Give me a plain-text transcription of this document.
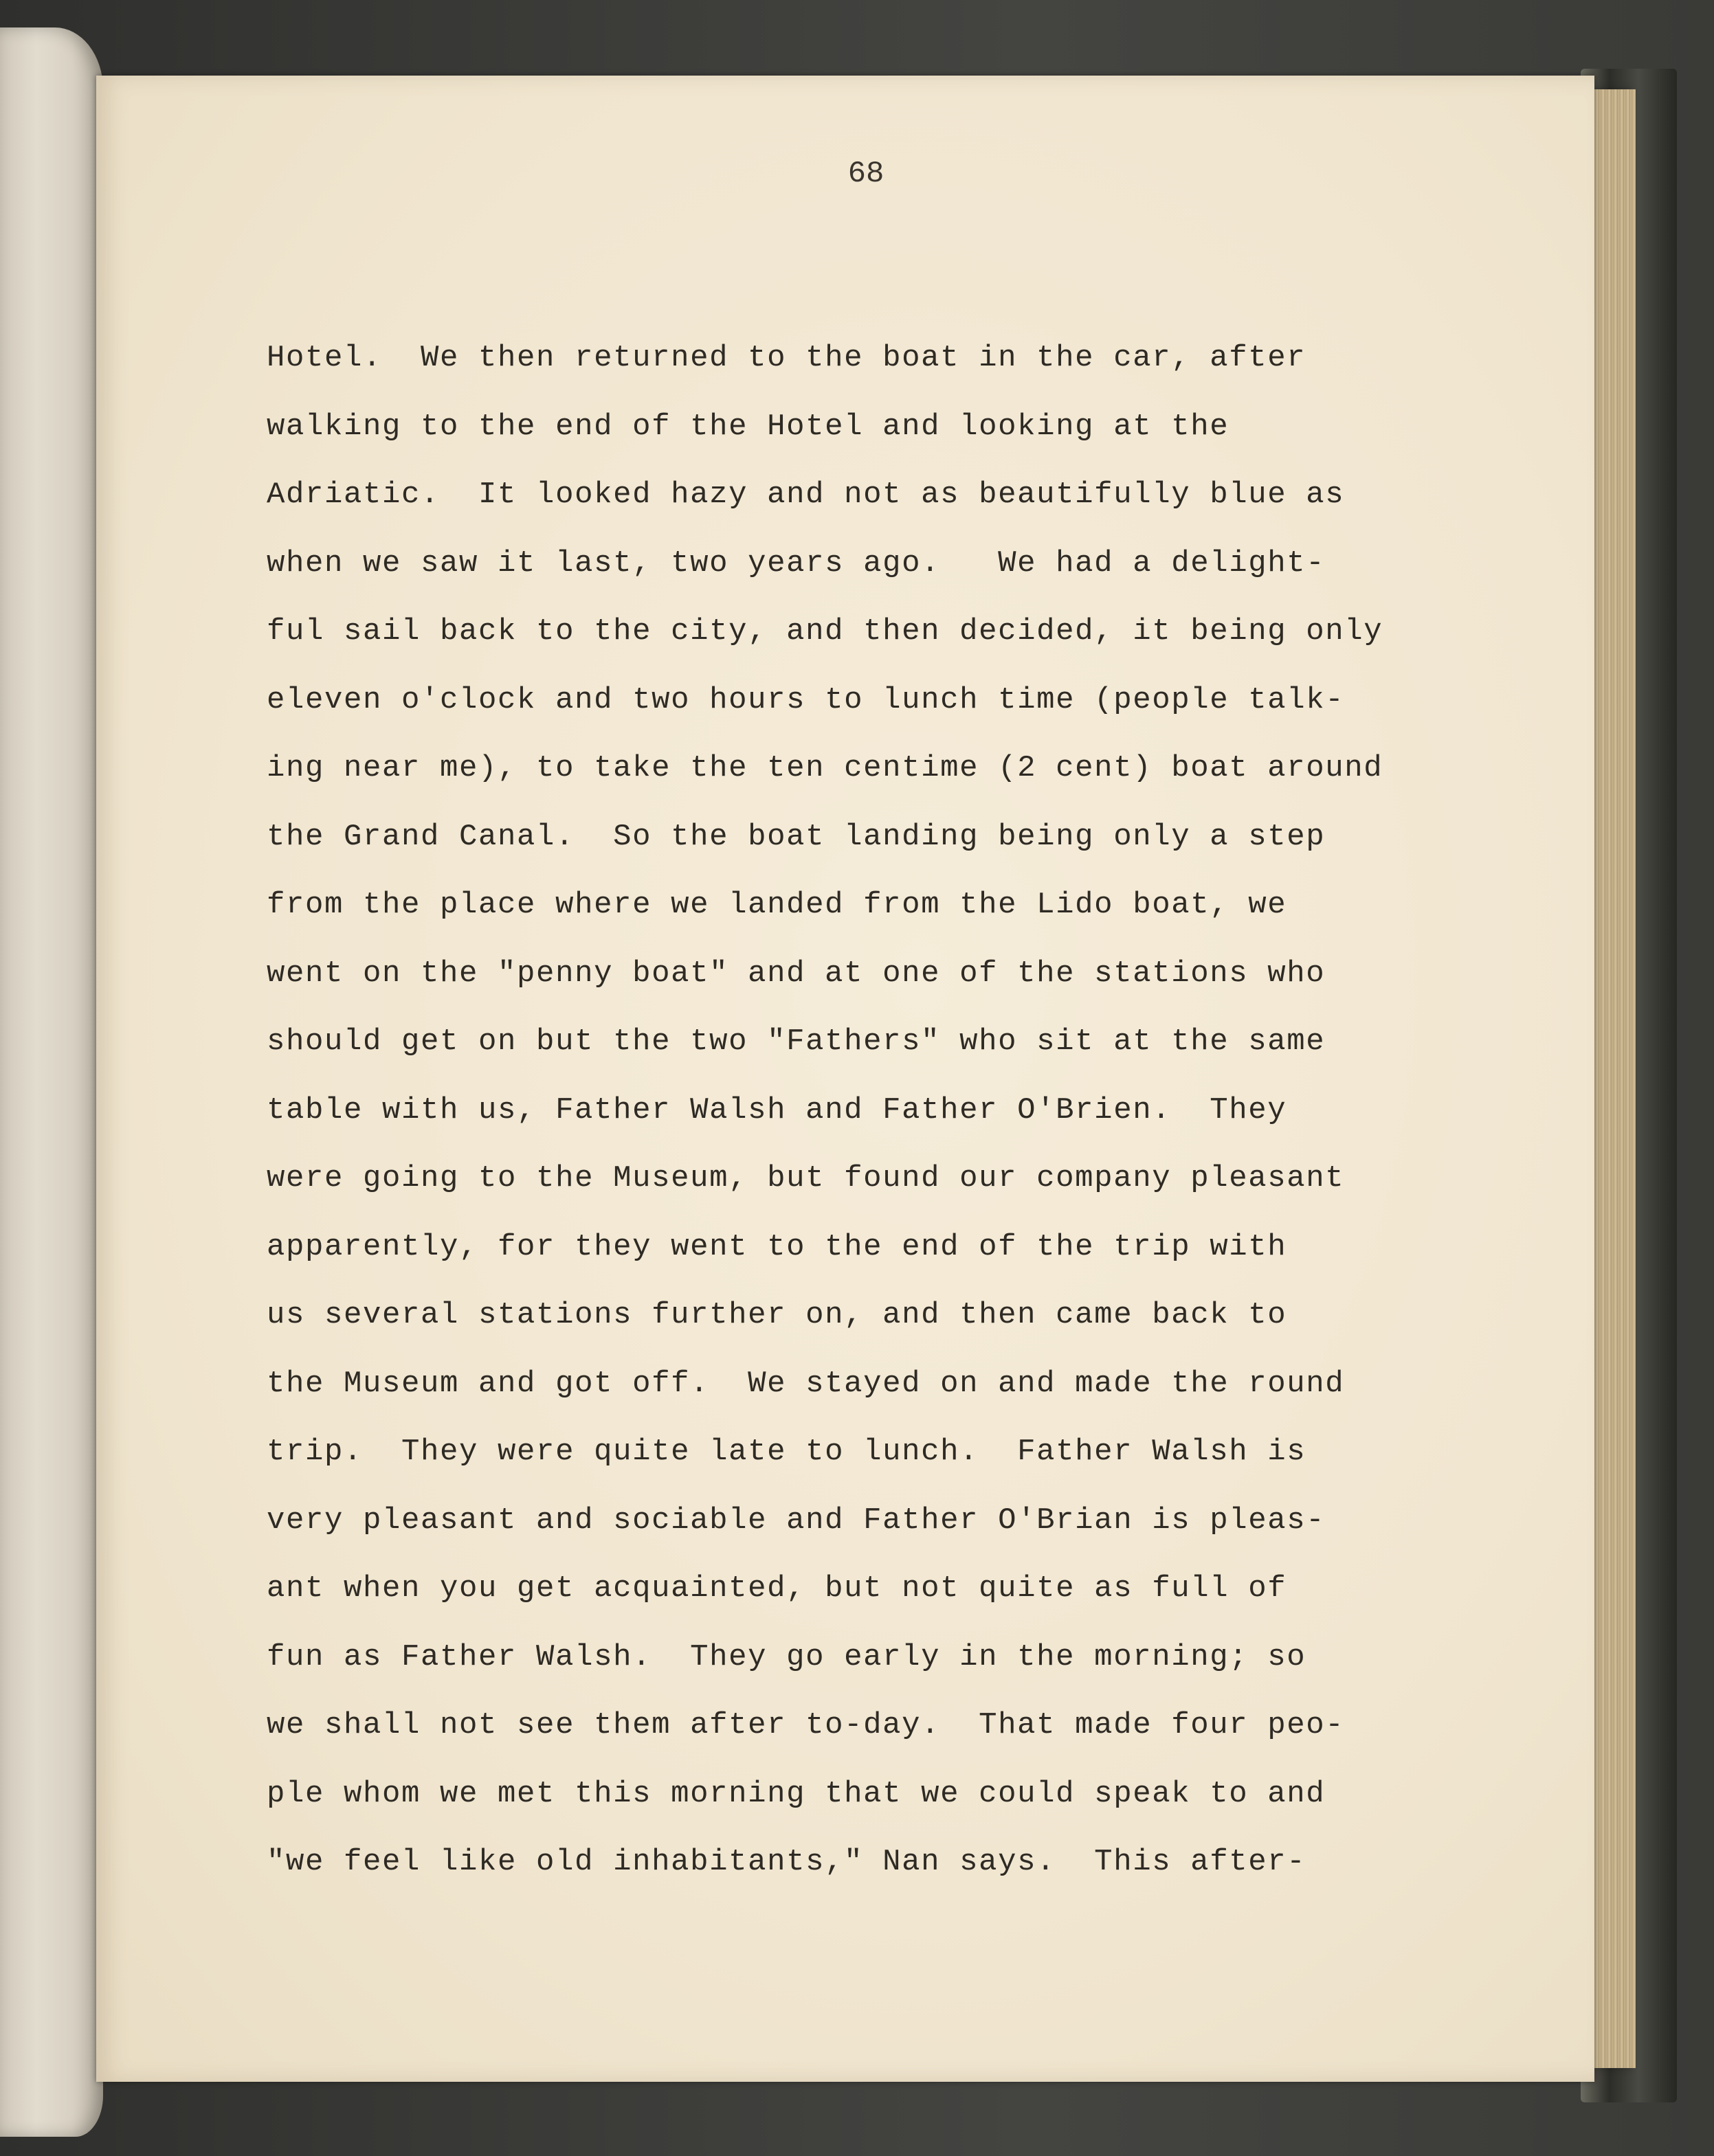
68

Hotel.  We then returned to the boat in the car, after
walking to the end of the Hotel and looking at the
Adriatic.  It looked hazy and not as beautifully blue as
when we saw it last, two years ago.   We had a delight-
ful sail back to the city, and then decided, it being only
eleven o'clock and two hours to lunch time (people talk-
ing near me), to take the ten centime (2 cent) boat around
the Grand Canal.  So the boat landing being only a step
from the place where we landed from the Lido boat, we
went on the "penny boat" and at one of the stations who
should get on but the two "Fathers" who sit at the same
table with us, Father Walsh and Father O'Brien.  They
were going to the Museum, but found our company pleasant
apparently, for they went to the end of the trip with
us several stations further on, and then came back to
the Museum and got off.  We stayed on and made the round
trip.  They were quite late to lunch.  Father Walsh is
very pleasant and sociable and Father O'Brian is pleas-
ant when you get acquainted, but not quite as full of
fun as Father Walsh.  They go early in the morning; so
we shall not see them after to-day.  That made four peo-
ple whom we met this morning that we could speak to and
"we feel like old inhabitants," Nan says.  This after-
